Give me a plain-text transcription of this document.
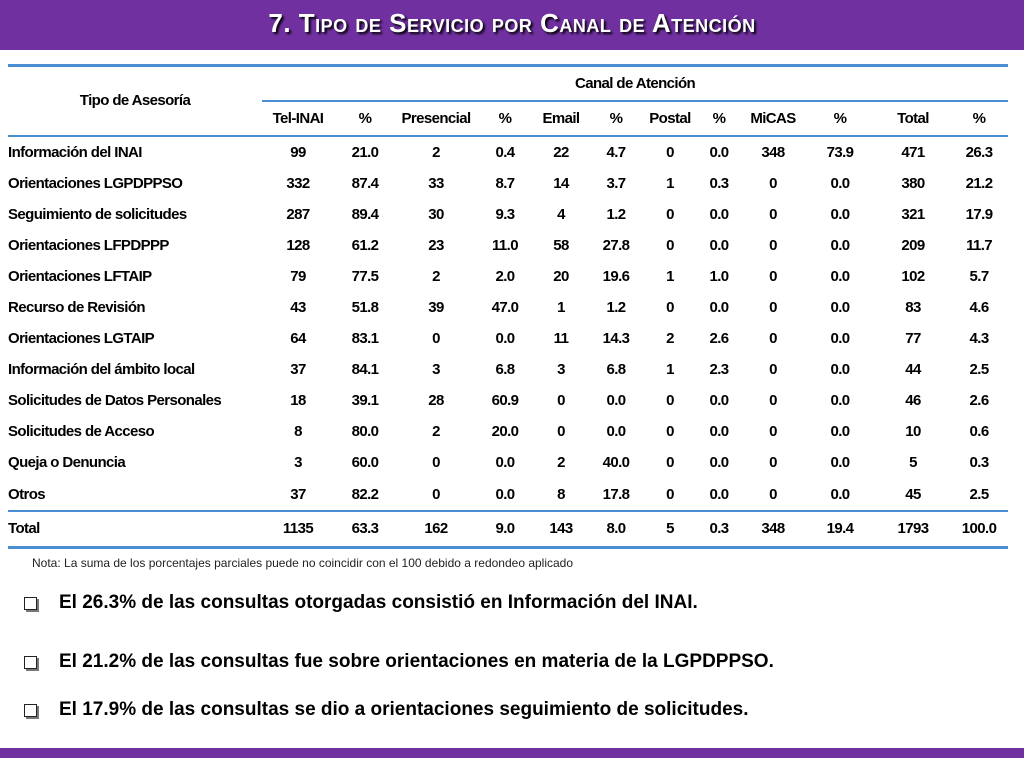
7. Tipo de Servicio por Canal de Atención
Tipo de Asesoría	Canal de Atención											
	Tel-INAI	%	Presencial	%	Email	%	Postal	%	MiCAS	%	Total	%
Información del INAI	99	21.0	2	0.4	22	4.7	0	0.0	348	73.9	471	26.3
Orientaciones LGPDPPSO	332	87.4	33	8.7	14	3.7	1	0.3	0	0.0	380	21.2
Seguimiento de solicitudes	287	89.4	30	9.3	4	1.2	0	0.0	0	0.0	321	17.9
Orientaciones LFPDPPP	128	61.2	23	11.0	58	27.8	0	0.0	0	0.0	209	11.7
Orientaciones LFTAIP	79	77.5	2	2.0	20	19.6	1	1.0	0	0.0	102	5.7
Recurso de Revisión	43	51.8	39	47.0	1	1.2	0	0.0	0	0.0	83	4.6
Orientaciones LGTAIP	64	83.1	0	0.0	11	14.3	2	2.6	0	0.0	77	4.3
Información del ámbito local	37	84.1	3	6.8	3	6.8	1	2.3	0	0.0	44	2.5
Solicitudes de Datos Personales	18	39.1	28	60.9	0	0.0	0	0.0	0	0.0	46	2.6
Solicitudes de Acceso	8	80.0	2	20.0	0	0.0	0	0.0	0	0.0	10	0.6
Queja o Denuncia	3	60.0	0	0.0	2	40.0	0	0.0	0	0.0	5	0.3
Otros	37	82.2	0	0.0	8	17.8	0	0.0	0	0.0	45	2.5
Total	1135	63.3	162	9.0	143	8.0	5	0.3	348	19.4	1793	100.0
Nota: La suma de los porcentajes parciales puede no coincidir con el 100 debido a redondeo aplicado
El 26.3% de las consultas otorgadas consistió en Información del INAI.
El 21.2% de las consultas fue sobre orientaciones en materia de la LGPDPPSO.
El 17.9% de las consultas se dio a orientaciones seguimiento de solicitudes.
